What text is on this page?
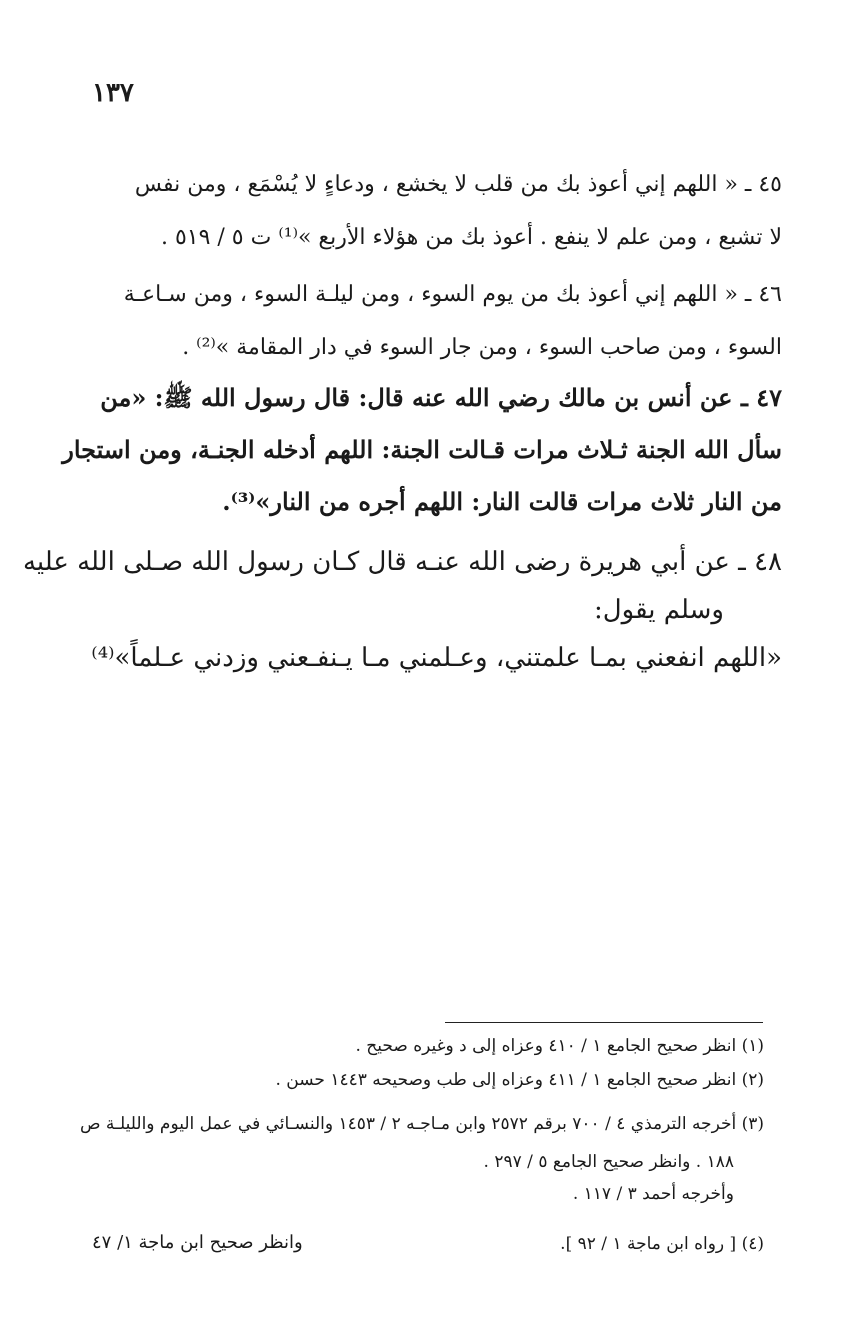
١٣٧
٤٥ ـ « اللهم إني أعوذ بك من قلب لا يخشع ، ودعاءٍ لا يُسْمَع ، ومن نفس
لا تشبع ، ومن علم لا ينفع . أعوذ بك من هؤلاء الأربع »⁽¹⁾ ت ٥ / ٥١٩ .
٤٦ ـ « اللهم إني أعوذ بك من يوم السوء ، ومن ليلـة السوء ، ومن سـاعـة
السوء ، ومن صاحب السوء ، ومن جار السوء في دار المقامة »⁽²⁾ .
٤٧ ـ عن أنس بن مالك رضي الله عنه قال: قال رسول الله ﷺ: «من
سأل الله الجنة ثـلاث مرات قـالت الجنة: اللهم أدخله الجنـة، ومن استجار
من النار ثلاث مرات قالت النار: اللهم أجره من النار»⁽³⁾.
٤٨ ـ عن أبي هريرة رضى الله عنـه قال كـان رسول الله صـلى الله عليه
وسلم يقول:
«اللهم انفعني بمـا علمتني، وعـلمني مـا يـنفـعني وزدني عـلماً»⁽⁴⁾
(١) انظر صحيح الجامع ١ / ٤١٠ وعزاه إلى د وغيره صحيح .
(٢) انظر صحيح الجامع ١ / ٤١١ وعزاه إلى طب وصحيحه ١٤٤٣ حسن .
(٣) أخرجه الترمذي ٤ / ٧٠٠ برقم ٢٥٧٢ وابن مـاجـه ٢ / ١٤٥٣ والنسـائي في عمل اليوم والليلـة ص
١٨٨ . وانظر صحيح الجامع ٥ / ٢٩٧ .
وأخرجه أحمد ٣ / ١١٧ .
(٤) [ رواه ابن ماجة ١ / ٩٢ ].
وانظر صحيح ابن ماجة ١/ ٤٧
